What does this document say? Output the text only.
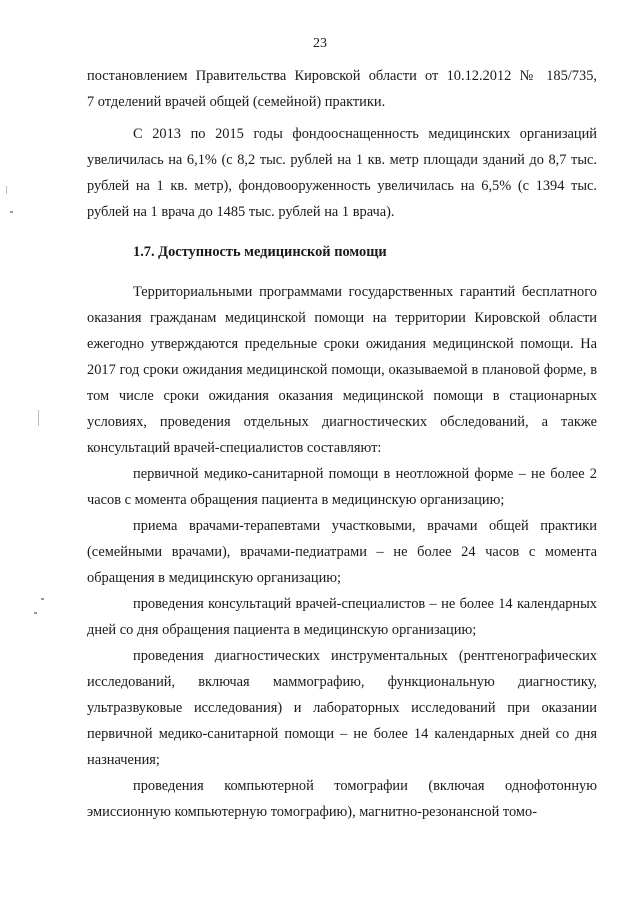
23

постановлением Правительства Кировской области от 10.12.2012 № 185/735,
7 отделений врачей общей (семейной) практики.

С 2013 по 2015 годы фондооснащенность медицинских организаций увеличилась на 6,1% (с 8,2 тыс. рублей на 1 кв. метр площади зданий до 8,7 тыс. рублей на 1 кв. метр), фондовооруженность увеличилась на 6,5% (с 1394 тыс. рублей на 1 врача до 1485 тыс. рублей на 1 врача).

1.7. Доступность медицинской помощи

Территориальными программами государственных гарантий бесплатного оказания гражданам медицинской помощи на территории Кировской области ежегодно утверждаются предельные сроки ожидания медицинской помощи. На 2017 год сроки ожидания медицинской помощи, оказываемой в плановой форме, в том числе сроки ожидания оказания медицинской помощи в стационарных условиях, проведения отдельных диагностических обследований, а также консультаций врачей-специалистов составляют:

первичной медико-санитарной помощи в неотложной форме – не более 2 часов с момента обращения пациента в медицинскую организацию;

приема врачами-терапевтами участковыми, врачами общей практики (семейными врачами), врачами-педиатрами – не более 24 часов с момента обращения в медицинскую организацию;

проведения консультаций врачей-специалистов – не более 14 календарных дней со дня обращения пациента в медицинскую организацию;

проведения диагностических инструментальных (рентгенографических исследований, включая маммографию, функциональную диагностику, ультразвуковые исследования) и лабораторных исследований при оказании первичной медико-санитарной помощи – не более 14 календарных дней со дня назначения;

проведения компьютерной томографии (включая однофотонную эмиссионную компьютерную томографию), магнитно-резонансной томо-
